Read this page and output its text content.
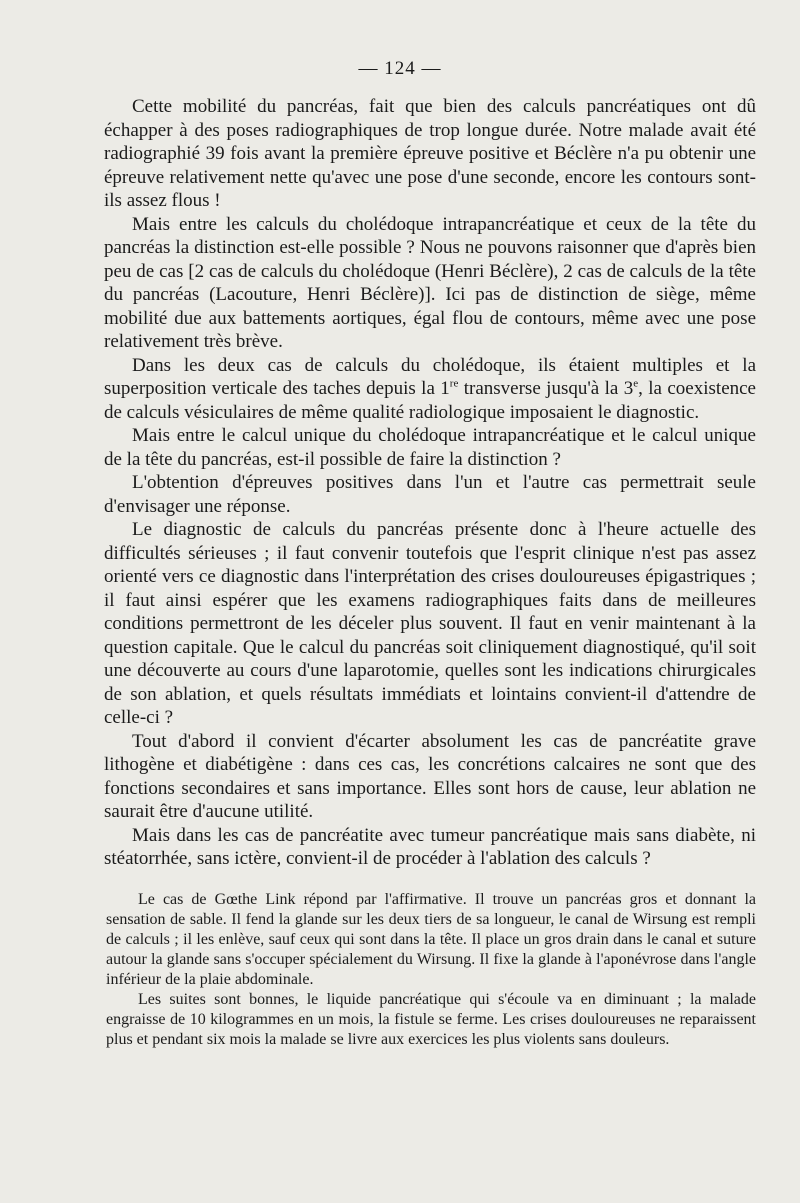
— 124 —

Cette mobilité du pancréas, fait que bien des calculs pancréatiques ont dû échapper à des poses radiographiques de trop longue durée. Notre malade avait été radiographié 39 fois avant la première épreuve positive et Béclère n'a pu obtenir une épreuve relativement nette qu'avec une pose d'une seconde, encore les contours sont-ils assez flous !

Mais entre les calculs du cholédoque intrapancréatique et ceux de la tête du pancréas la distinction est-elle possible ? Nous ne pouvons raisonner que d'après bien peu de cas [2 cas de calculs du cholédoque (Henri Béclère), 2 cas de calculs de la tête du pancréas (Lacouture, Henri Béclère)]. Ici pas de distinction de siège, même mobilité due aux battements aortiques, égal flou de contours, même avec une pose relativement très brève.

Dans les deux cas de calculs du cholédoque, ils étaient multiples et la superposition verticale des taches depuis la 1re transverse jusqu'à la 3e, la coexistence de calculs vésiculaires de même qualité radiologique imposaient le diagnostic.

Mais entre le calcul unique du cholédoque intrapancréatique et le calcul unique de la tête du pancréas, est-il possible de faire la distinction ?

L'obtention d'épreuves positives dans l'un et l'autre cas permettrait seule d'envisager une réponse.

Le diagnostic de calculs du pancréas présente donc à l'heure actuelle des difficultés sérieuses ; il faut convenir toutefois que l'esprit clinique n'est pas assez orienté vers ce diagnostic dans l'interprétation des crises douloureuses épigastriques ; il faut ainsi espérer que les examens radiographiques faits dans de meilleures conditions permettront de les déceler plus souvent. Il faut en venir maintenant à la question capitale. Que le calcul du pancréas soit cliniquement diagnostiqué, qu'il soit une découverte au cours d'une laparotomie, quelles sont les indications chirurgicales de son ablation, et quels résultats immédiats et lointains convient-il d'attendre de celle-ci ?

Tout d'abord il convient d'écarter absolument les cas de pancréatite grave lithogène et diabétigène : dans ces cas, les concrétions calcaires ne sont que des fonctions secondaires et sans importance. Elles sont hors de cause, leur ablation ne saurait être d'aucune utilité.

Mais dans les cas de pancréatite avec tumeur pancréatique mais sans diabète, ni stéatorrhée, sans ictère, convient-il de procéder à l'ablation des calculs ?

Le cas de Gœthe Link répond par l'affirmative. Il trouve un pancréas gros et donnant la sensation de sable. Il fend la glande sur les deux tiers de sa longueur, le canal de Wirsung est rempli de calculs ; il les enlève, sauf ceux qui sont dans la tête. Il place un gros drain dans le canal et suture autour la glande sans s'occuper spécialement du Wirsung. Il fixe la glande à l'aponévrose dans l'angle inférieur de la plaie abdominale.

Les suites sont bonnes, le liquide pancréatique qui s'écoule va en diminuant ; la malade engraisse de 10 kilogrammes en un mois, la fistule se ferme. Les crises douloureuses ne reparaissent plus et pendant six mois la malade se livre aux exercices les plus violents sans douleurs.
